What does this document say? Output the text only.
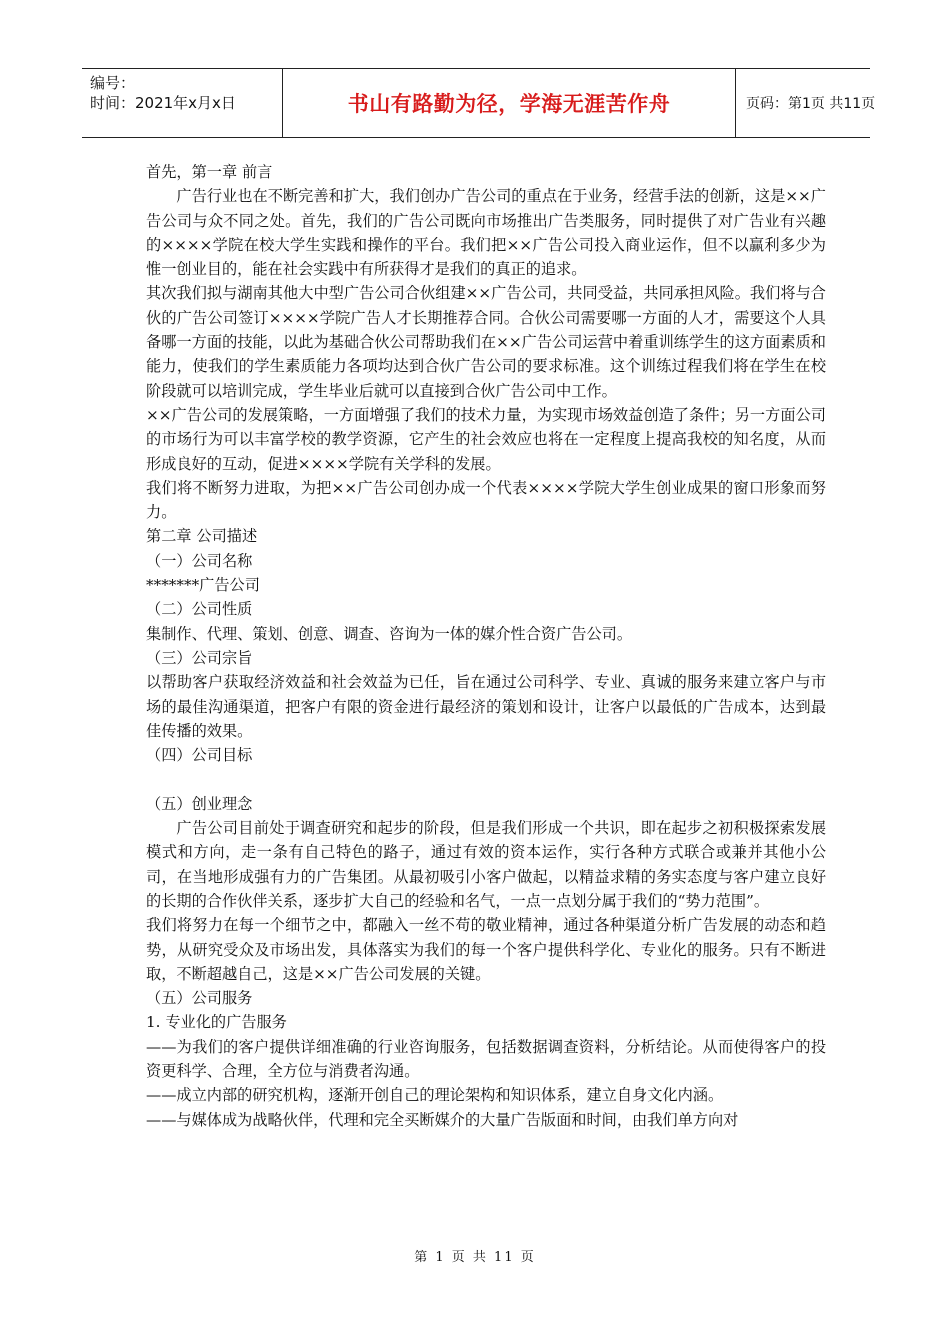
编号：
时间：2021年x月x日	书山有路勤为径，学海无涯苦作舟	页码：第1页 共11页

首先，第一章 前言

广告行业也在不断完善和扩大，我们创办广告公司的重点在于业务，经营手法的创新，这是××广告公司与众不同之处。首先，我们的广告公司既向市场推出广告类服务，同时提供了对广告业有兴趣的××××学院在校大学生实践和操作的平台。我们把××广告公司投入商业运作，但不以赢利多少为惟一创业目的，能在社会实践中有所获得才是我们的真正的追求。

其次我们拟与湖南其他大中型广告公司合伙组建××广告公司，共同受益，共同承担风险。我们将与合伙的广告公司签订××××学院广告人才长期推荐合同。合伙公司需要哪一方面的人才，需要这个人具备哪一方面的技能，以此为基础合伙公司帮助我们在××广告公司运营中着重训练学生的这方面素质和能力，使我们的学生素质能力各项均达到合伙广告公司的要求标准。这个训练过程我们将在学生在校阶段就可以培训完成，学生毕业后就可以直接到合伙广告公司中工作。

××广告公司的发展策略，一方面增强了我们的技术力量，为实现市场效益创造了条件；另一方面公司的市场行为可以丰富学校的教学资源，它产生的社会效应也将在一定程度上提高我校的知名度，从而形成良好的互动，促进××××学院有关学科的发展。

我们将不断努力进取，为把××广告公司创办成一个代表××××学院大学生创业成果的窗口形象而努力。

第二章 公司描述

（一）公司名称

*******广告公司

（二）公司性质

集制作、代理、策划、创意、调查、咨询为一体的媒介性合资广告公司。

（三）公司宗旨

以帮助客户获取经济效益和社会效益为已任，旨在通过公司科学、专业、真诚的服务来建立客户与市场的最佳沟通渠道，把客户有限的资金进行最经济的策划和设计，让客户以最低的广告成本，达到最佳传播的效果。

（四）公司目标

（五）创业理念

广告公司目前处于调查研究和起步的阶段，但是我们形成一个共识，即在起步之初积极探索发展模式和方向，走一条有自己特色的路子，通过有效的资本运作，实行各种方式联合或兼并其他小公司，在当地形成强有力的广告集团。从最初吸引小客户做起，以精益求精的务实态度与客户建立良好的长期的合作伙伴关系，逐步扩大自己的经验和名气，一点一点划分属于我们的“势力范围”。

我们将努力在每一个细节之中，都融入一丝不苟的敬业精神，通过各种渠道分析广告发展的动态和趋势，从研究受众及市场出发，具体落实为我们的每一个客户提供科学化、专业化的服务。只有不断进取，不断超越自己，这是××广告公司发展的关键。

（五）公司服务

1. 专业化的广告服务

——为我们的客户提供详细准确的行业咨询服务，包括数据调查资料，分析结论。从而使得客户的投资更科学、合理，全方位与消费者沟通。

——成立内部的研究机构，逐渐开创自己的理论架构和知识体系，建立自身文化内涵。

——与媒体成为战略伙伴，代理和完全买断媒介的大量广告版面和时间，由我们单方向对

第 1 页 共 11 页
